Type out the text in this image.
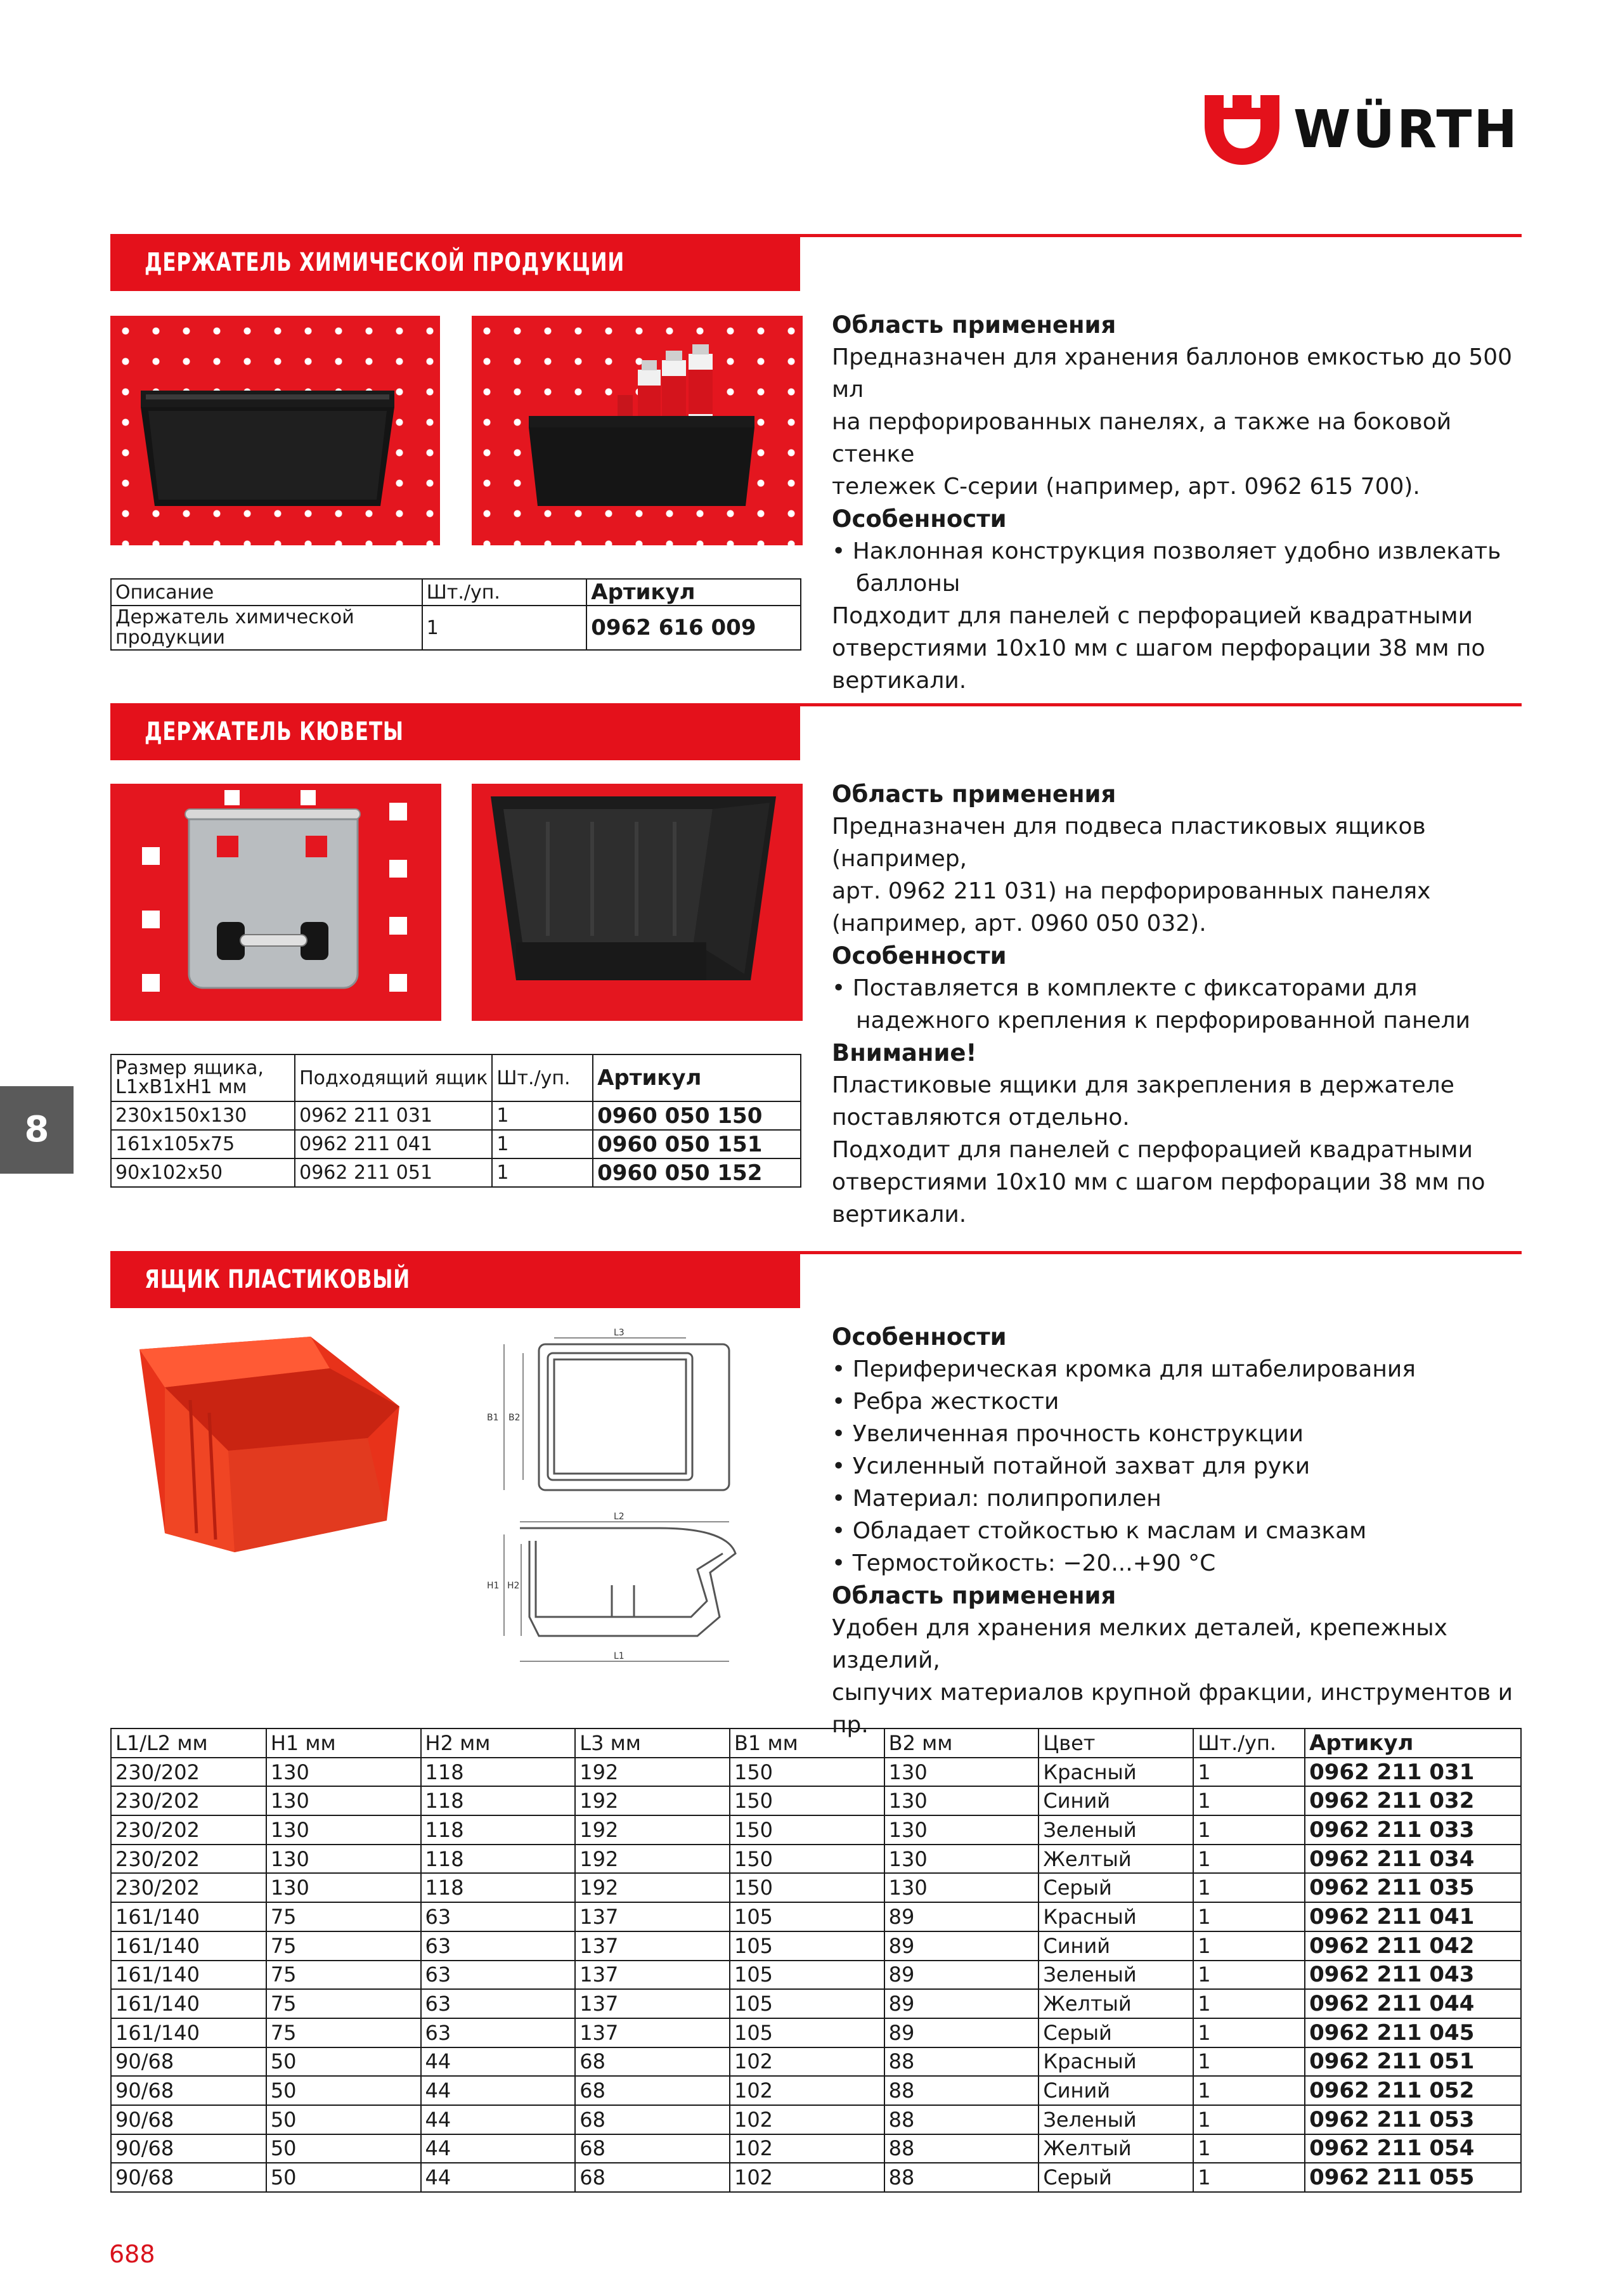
WÜRTH
ДЕРЖАТЕЛЬ ХИМИЧЕСКОЙ ПРОДУКЦИИ
Область применения
Предназначен для хранения баллонов емкостью до 500 мл
на перфорированных панелях, а также на боковой стенке
тележек С-серии (например, арт. 0962 615 700).
Особенности
• Наклонная конструкция позволяет удобно извлекать баллоны
Подходит для панелей с перфорацией квадратными
отверстиями 10x10 мм с шагом перфорации 38 мм по
вертикали.
Описание	Шт./уп.	Артикул
Держатель химической продукции	1	0962 616 009
ДЕРЖАТЕЛЬ КЮВЕТЫ
Область применения
Предназначен для подвеса пластиковых ящиков (например,
арт. 0962 211 031) на перфорированных панелях
(например, арт. 0960 050 032).
Особенности
• Поставляется в комплекте с фиксаторами для надежного крепления к перфорированной панели
Внимание!
Пластиковые ящики для закрепления в держателе
поставляются отдельно.
Подходит для панелей с перфорацией квадратными
отверстиями 10x10 мм с шагом перфорации 38 мм по
вертикали.
Размер ящика, L1xB1xH1 мм	Подходящий ящик	Шт./уп.	Артикул
230x150x130	0962 211 031	1	0960 050 150
161x105x75	0962 211 041	1	0960 050 151
90x102x50	0962 211 051	1	0960 050 152
8
ЯЩИК ПЛАСТИКОВЫЙ
L3
L2
L1
B1 B2
H1 H2
Особенности
• Периферическая кромка для штабелирования
• Ребра жесткости
• Увеличенная прочность конструкции
• Усиленный потайной захват для руки
• Материал: полипропилен
• Обладает стойкостью к маслам и смазкам
• Термостойкость: −20...+90 °C
Область применения
Удобен для хранения мелких деталей, крепежных изделий,
сыпучих материалов крупной фракции, инструментов и пр.
L1/L2 мм	H1 мм	H2 мм	L3 мм	B1 мм	B2 мм	Цвет	Шт./уп.	Артикул
230/202	130	118	192	150	130	Красный	1	0962 211 031
230/202	130	118	192	150	130	Синий	1	0962 211 032
230/202	130	118	192	150	130	Зеленый	1	0962 211 033
230/202	130	118	192	150	130	Желтый	1	0962 211 034
230/202	130	118	192	150	130	Серый	1	0962 211 035
161/140	75	63	137	105	89	Красный	1	0962 211 041
161/140	75	63	137	105	89	Синий	1	0962 211 042
161/140	75	63	137	105	89	Зеленый	1	0962 211 043
161/140	75	63	137	105	89	Желтый	1	0962 211 044
161/140	75	63	137	105	89	Серый	1	0962 211 045
90/68	50	44	68	102	88	Красный	1	0962 211 051
90/68	50	44	68	102	88	Синий	1	0962 211 052
90/68	50	44	68	102	88	Зеленый	1	0962 211 053
90/68	50	44	68	102	88	Желтый	1	0962 211 054
90/68	50	44	68	102	88	Серый	1	0962 211 055
688
